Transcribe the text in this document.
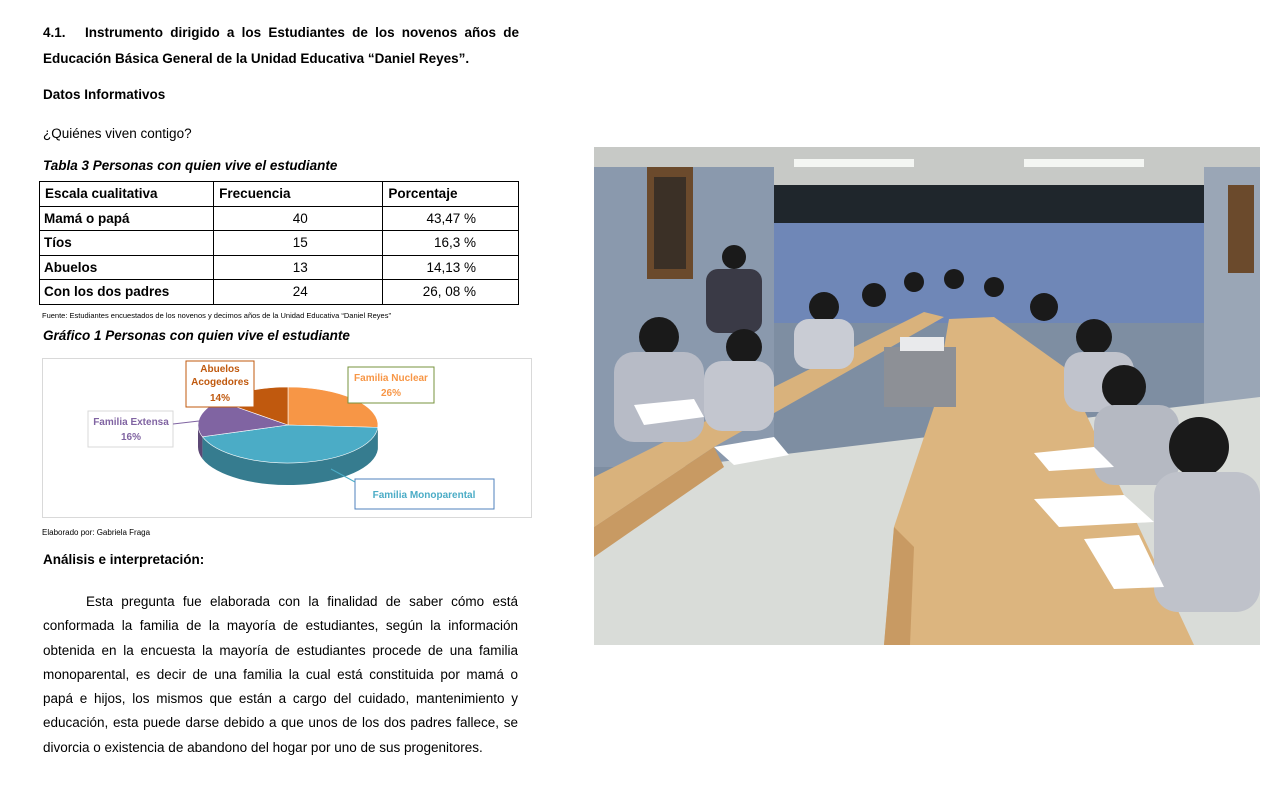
4.1. Instrumento dirigido a los Estudiantes de los novenos años de Educación Básica General de la Unidad Educativa “Daniel Reyes”.
Datos Informativos
¿Quiénes viven contigo?
Tabla 3 Personas con quien vive el estudiante
Escala cualitativa	Frecuencia	Porcentaje
Mamá o papá	40	43,47 %
Tíos	15	16,3 %
Abuelos	13	14,13 %
Con los dos padres	24	26, 08 %
Fuente: Estudiantes encuestados de los novenos y decimos años de la Unidad Educativa “Daniel Reyes”
Gráfico 1 Personas con quien vive el estudiante
Abuelos
Acogedores
14%
Familia Nuclear
26%
Familia Extensa
16%
Familia Monoparental
Elaborado por: Gabriela Fraga
Análisis e interpretación:
Esta pregunta fue elaborada con la finalidad de saber cómo está conformada la familia de la mayoría de estudiantes, según la información obtenida en la encuesta la mayoría de estudiantes procede de una familia monoparental, es decir de una familia la cual está constituida por mamá o papá e hijos, los mismos que están a cargo del cuidado, mantenimiento y educación, esta puede darse debido a que unos de los dos padres fallece, se divorcia o existencia de abandono del hogar por uno de sus progenitores.
